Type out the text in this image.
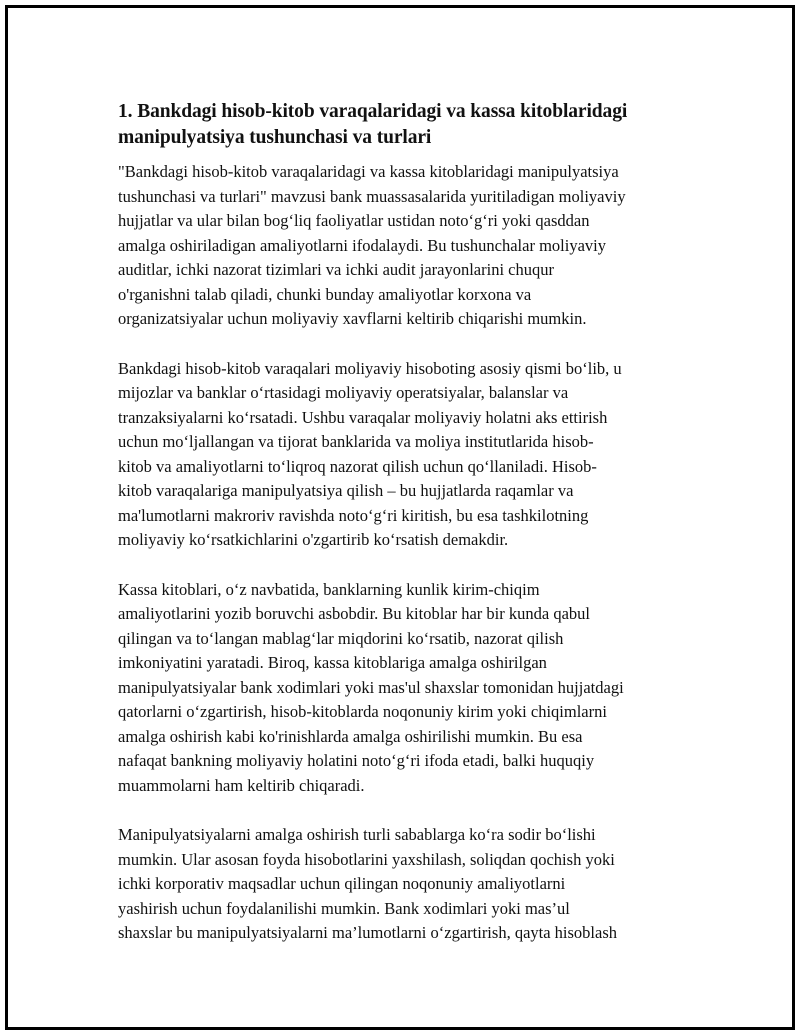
1. Bankdagi hisob-kitob varaqalaridagi va kassa kitoblaridagi
manipulyatsiya tushunchasi va turlari

"Bankdagi hisob-kitob varaqalaridagi va kassa kitoblaridagi manipulyatsiya
tushunchasi va turlari" mavzusi bank muassasalarida yuritiladigan moliyaviy
hujjatlar va ular bilan bog‘liq faoliyatlar ustidan noto‘g‘ri yoki qasddan
amalga oshiriladigan amaliyotlarni ifodalaydi. Bu tushunchalar moliyaviy
auditlar, ichki nazorat tizimlari va ichki audit jarayonlarini chuqur
o'rganishni talab qiladi, chunki bunday amaliyotlar korxona va
organizatsiyalar uchun moliyaviy xavflarni keltirib chiqarishi mumkin.

Bankdagi hisob-kitob varaqalari moliyaviy hisoboting asosiy qismi bo‘lib, u
mijozlar va banklar o‘rtasidagi moliyaviy operatsiyalar, balanslar va
tranzaksiyalarni ko‘rsatadi. Ushbu varaqalar moliyaviy holatni aks ettirish
uchun mo‘ljallangan va tijorat banklarida va moliya institutlarida hisob-
kitob va amaliyotlarni to‘liqroq nazorat qilish uchun qo‘llaniladi. Hisob-
kitob varaqalariga manipulyatsiya qilish – bu hujjatlarda raqamlar va
ma'lumotlarni makroriv ravishda noto‘g‘ri kiritish, bu esa tashkilotning
moliyaviy ko‘rsatkichlarini o'zgartirib ko‘rsatish demakdir.

Kassa kitoblari, o‘z navbatida, banklarning kunlik kirim-chiqim
amaliyotlarini yozib boruvchi asbobdir. Bu kitoblar har bir kunda qabul
qilingan va to‘langan mablag‘lar miqdorini ko‘rsatib, nazorat qilish
imkoniyatini yaratadi. Biroq, kassa kitoblariga amalga oshirilgan
manipulyatsiyalar bank xodimlari yoki mas'ul shaxslar tomonidan hujjatdagi
qatorlarni o‘zgartirish, hisob-kitoblarda noqonuniy kirim yoki chiqimlarni
amalga oshirish kabi ko'rinishlarda amalga oshirilishi mumkin. Bu esa
nafaqat bankning moliyaviy holatini noto‘g‘ri ifoda etadi, balki huquqiy
muammolarni ham keltirib chiqaradi.

Manipulyatsiyalarni amalga oshirish turli sabablarga ko‘ra sodir bo‘lishi
mumkin. Ular asosan foyda hisobotlarini yaxshilash, soliqdan qochish yoki
ichki korporativ maqsadlar uchun qilingan noqonuniy amaliyotlarni
yashirish uchun foydalanilishi mumkin. Bank xodimlari yoki mas’ul
shaxslar bu manipulyatsiyalarni ma’lumotlarni o‘zgartirish, qayta hisoblash
